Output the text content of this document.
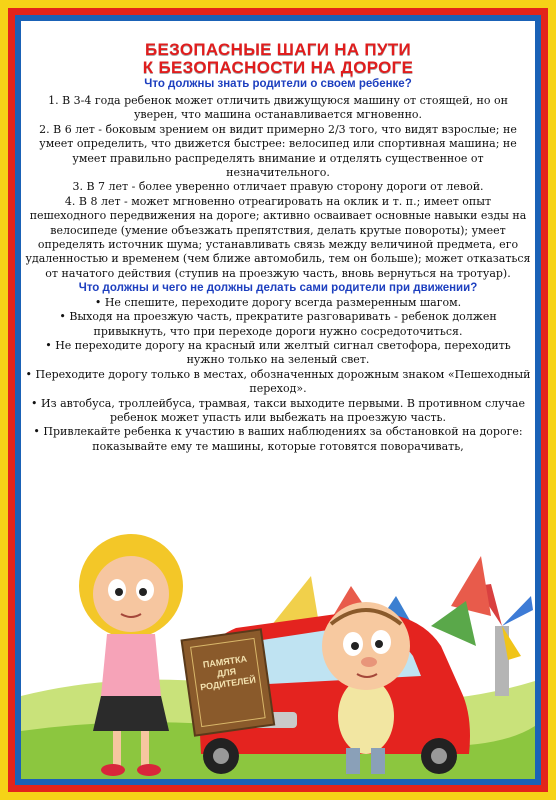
БЕЗОПАСНЫЕ ШАГИ НА ПУТИ
К БЕЗОПАСНОСТИ НА ДОРОГЕ
Что должны знать родители о своем ребенке?

1. В 3-4 года ребенок может отличить движущуюся машину от стоящей, но он уверен, что машина останавливается мгновенно.

2. В 6 лет - боковым зрением он видит примерно 2/3 того, что видят взрослые; не умеет определить, что движется быстрее: велосипед или спортивная машина; не умеет правильно распределять внимание и отделять существенное от незначительного.

3. В 7 лет - более уверенно отличает правую сторону дороги от левой.

4. В 8 лет - может мгновенно отреагировать на оклик и т. п.; имеет опыт пешеходного передвижения на дороге; активно осваивает основные навыки езды на велосипеде (умение объезжать препятствия, делать крутые повороты); умеет определять источник шума; устанавливать связь между величиной предмета, его удаленностью и временем (чем ближе автомобиль, тем он больше); может отказаться от начатого действия (ступив на проезжую часть, вновь вернуться на тротуар).

Что должны и чего не должны делать сами родители при движении?

• Не спешите, переходите дорогу всегда размеренным шагом.

• Выходя на проезжую часть, прекратите разговаривать - ребенок должен привыкнуть, что при переходе дороги нужно сосредоточиться.

• Не переходите дорогу на красный или желтый сигнал светофора, переходить нужно только на зеленый свет.

• Переходите дорогу только в местах, обозначенных дорожным знаком «Пешеходный переход».

• Из автобуса, троллейбуса, трамвая, такси выходите первыми. В противном случае ребенок может упасть или выбежать на проезжую часть.

• Привлекайте ребенка к участию в ваших наблюдениях за обстановкой на дороге: показывайте ему те машины, которые готовятся поворачивать,

ПАМЯТКА ДЛЯ РОДИТЕЛЕЙ
